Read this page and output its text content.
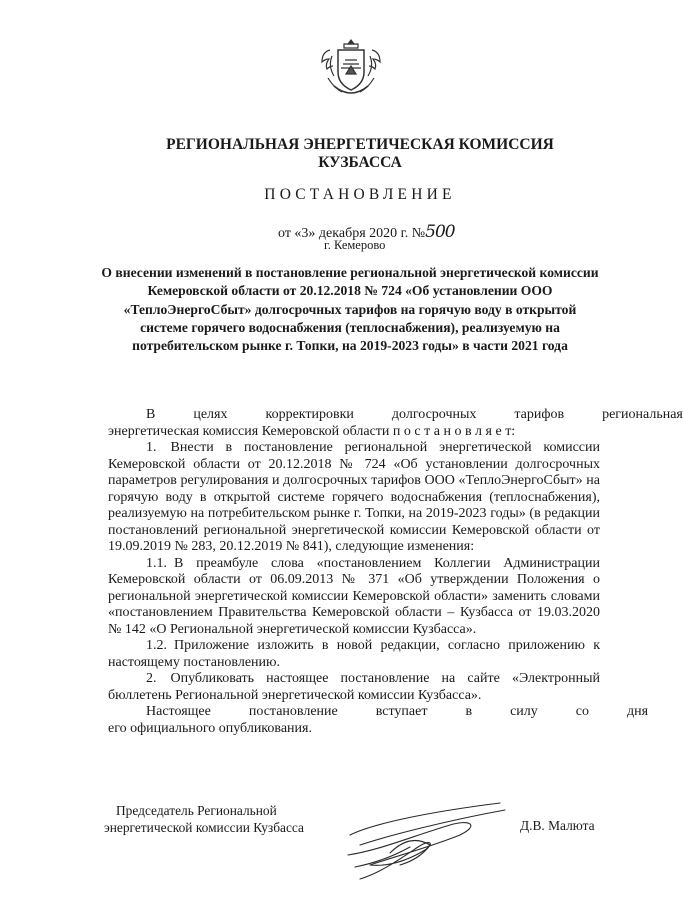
РЕГИОНАЛЬНАЯ ЭНЕРГЕТИЧЕСКАЯ КОМИССИЯ КУЗБАССА
ПОСТАНОВЛЕНИЕ
от «3» декабря 2020 г. №500
г. Кемерово
О внесении изменений в постановление региональной энергетической комиссии Кемеровской области от 20.12.2018 № 724 «Об установлении ООО «ТеплоЭнергоСбыт» долгосрочных тарифов на горячую воду в открытой системе горячего водоснабжения (теплоснабжения), реализуемую на потребительском рынке г. Топки, на 2019-2023 годы» в части 2021 года
В	целях	корректировки	долгосрочных	тарифов	региональная

энергетическая комиссия Кемеровской области п о с т а н о в л я е т:

1. Внести в постановление региональной энергетической комиссии Кемеровской области от 20.12.2018 № 724 «Об установлении долгосрочных параметров регулирования и долгосрочных тарифов ООО «ТеплоЭнергоСбыт» на горячую воду в открытой системе горячего водоснабжения (теплоснабжения), реализуемую на потребительском рынке г. Топки, на 2019-2023 годы» (в редакции постановлений региональной энергетической комиссии Кемеровской области от 19.09.2019 № 283, 20.12.2019 № 841), следующие изменения:

1.1. В преамбуле слова «постановлением Коллегии Администрации Кемеровской области от 06.09.2013 № 371 «Об утверждении Положения о региональной энергетической комиссии Кемеровской области» заменить словами «постановлением Правительства Кемеровской области – Кузбасса от 19.03.2020 № 142 «О Региональной энергетической комиссии Кузбасса».

1.2. Приложение изложить в новой редакции, согласно приложению к настоящему постановлению.

2. Опубликовать настоящее постановление на сайте «Электронный бюллетень Региональной энергетической комиссии Кузбасса».

Настоящее	постановление	вступает	в	силу	со	дня

его официального опубликования.

Председатель Региональной
энергетической комиссии Кузбасса	Д.В. Малюта
